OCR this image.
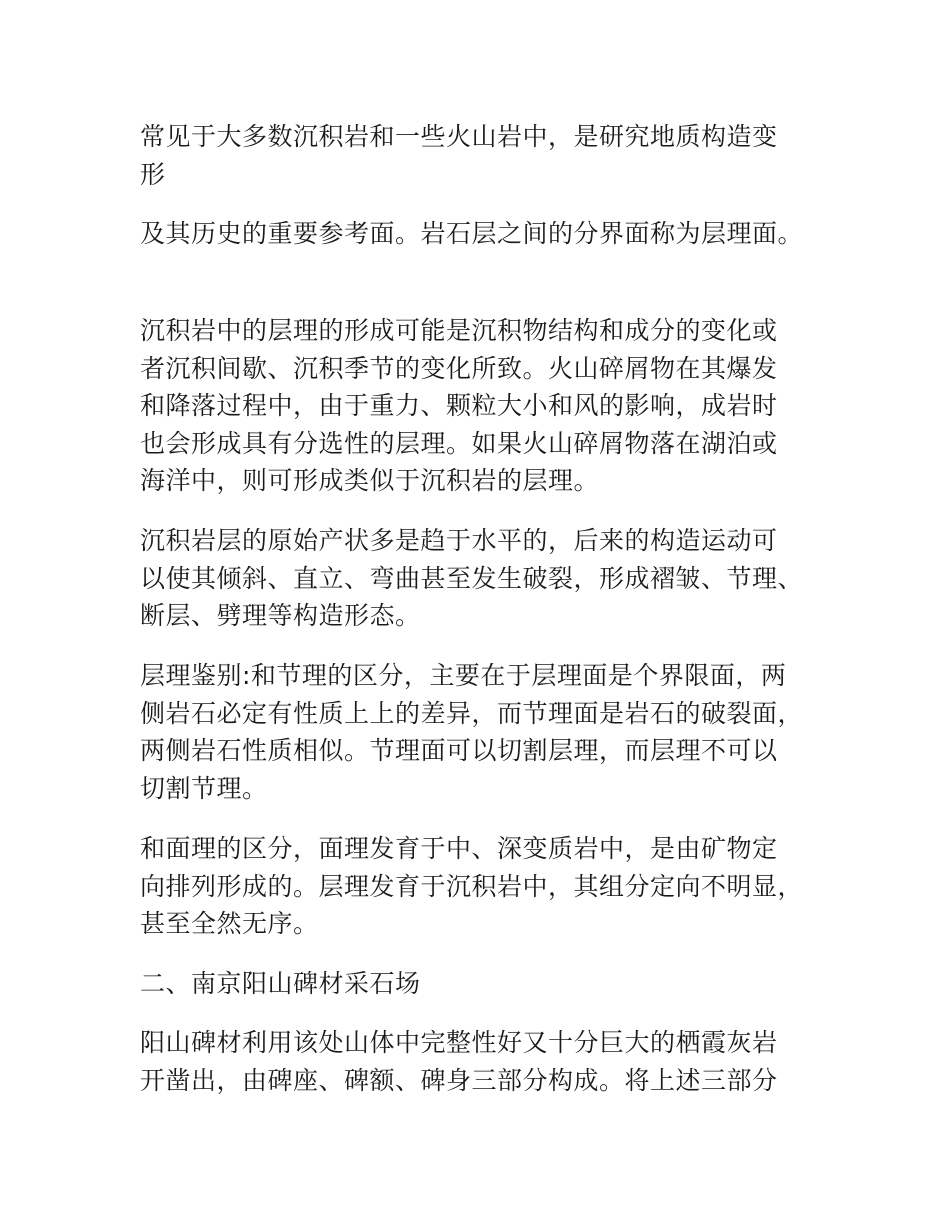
常见于大多数沉积岩和一些火山岩中，是研究地质构造变
形
及其历史的重要参考面。岩石层之间的分界面称为层理面。
沉积岩中的层理的形成可能是沉积物结构和成分的变化或
者沉积间歇、沉积季节的变化所致。火山碎屑物在其爆发
和降落过程中，由于重力、颗粒大小和风的影响，成岩时
也会形成具有分选性的层理。如果火山碎屑物落在湖泊或
海洋中，则可形成类似于沉积岩的层理。
沉积岩层的原始产状多是趋于水平的，后来的构造运动可
以使其倾斜、直立、弯曲甚至发生破裂，形成褶皱、节理、
断层、劈理等构造形态。
层理鉴别:和节理的区分，主要在于层理面是个界限面，两
侧岩石必定有性质上上的差异，而节理面是岩石的破裂面，
两侧岩石性质相似。节理面可以切割层理，而层理不可以
切割节理。
和面理的区分，面理发育于中、深变质岩中，是由矿物定
向排列形成的。层理发育于沉积岩中，其组分定向不明显，
甚至全然无序。
二、南京阳山碑材采石场
阳山碑材利用该处山体中完整性好又十分巨大的栖霞灰岩
开凿出，由碑座、碑额、碑身三部分构成。将上述三部分
